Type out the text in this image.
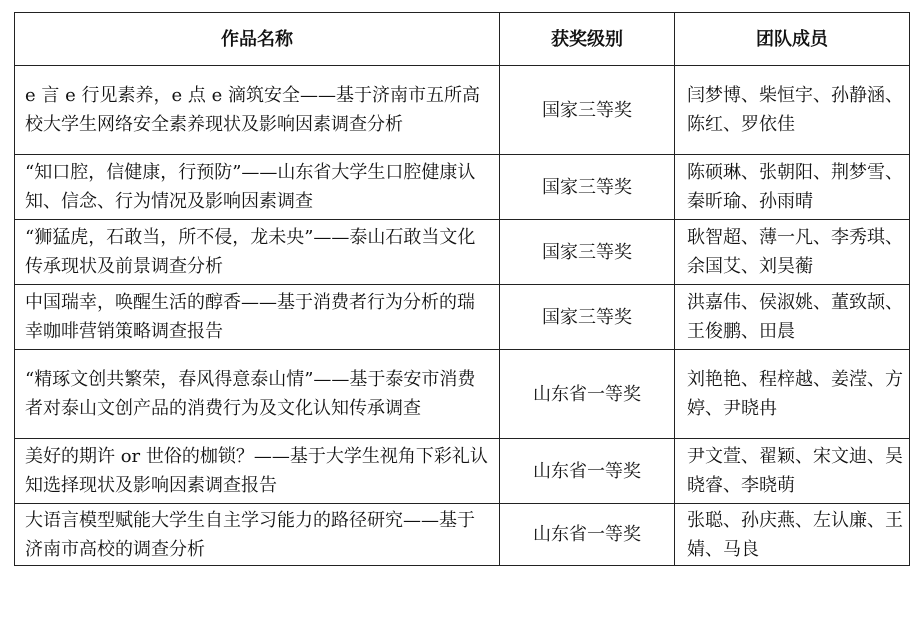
作品名称	获奖级别	团队成员
e 言 e 行见素养，e 点 e 滴筑安全——基于济南市五所高校大学生网络安全素养现状及影响因素调查分析	国家三等奖	闫梦博、柴恒宇、孙静涵、陈红、罗依佳
“知口腔，信健康，行预防”——山东省大学生口腔健康认知、信念、行为情况及影响因素调查	国家三等奖	陈硕琳、张朝阳、荆梦雪、秦昕瑜、孙雨晴
“狮猛虎，石敢当，所不侵，龙未央”——泰山石敢当文化传承现状及前景调查分析	国家三等奖	耿智超、薄一凡、李秀琪、余国艾、刘昊蘅
中国瑞幸，唤醒生活的醇香——基于消费者行为分析的瑞幸咖啡营销策略调查报告	国家三等奖	洪嘉伟、侯淑姚、董致颉、王俊鹏、田晨
“精琢文创共繁荣，春风得意泰山情”——基于泰安市消费者对泰山文创产品的消费行为及文化认知传承调查	山东省一等奖	刘艳艳、程梓越、姜滢、方婷、尹晓冉
美好的期许 or 世俗的枷锁？——基于大学生视角下彩礼认知选择现状及影响因素调查报告	山东省一等奖	尹文萱、翟颖、宋文迪、吴晓睿、李晓萌
大语言模型赋能大学生自主学习能力的路径研究——基于济南市高校的调查分析	山东省一等奖	张聪、孙庆燕、左认廉、王婧、马良
